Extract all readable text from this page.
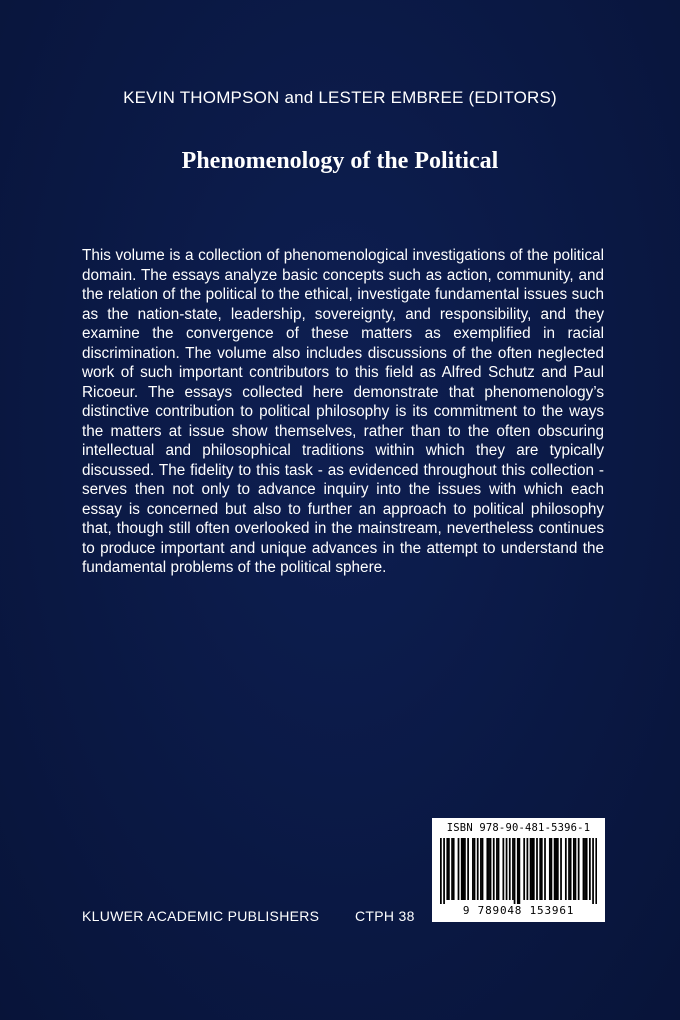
KEVIN THOMPSON and LESTER EMBREE (EDITORS)
Phenomenology of the Political
This volume is a collection of phenomenological investigations of the political domain. The essays analyze basic concepts such as action, community, and the relation of the political to the ethical, investigate fundamental issues such as the nation-state, leadership, sovereignty, and responsibility, and they examine the convergence of these matters as exemplified in racial discrimination. The volume also includes discussions of the often neglected work of such important contributors to this field as Alfred Schutz and Paul Ricoeur. The essays collected here demonstrate that phenomenology’s distinctive contribution to political philosophy is its commitment to the ways the matters at issue show themselves, rather than to the often obscuring intellectual and philosophical traditions within which they are typically discussed. The fidelity to this task - as evidenced throughout this collection - serves then not only to advance inquiry into the issues with which each essay is concerned but also to further an approach to political philosophy that, though still often overlooked in the mainstream, nevertheless continues to produce important and unique advances in the attempt to understand the fundamental problems of the political sphere.
KLUWER ACADEMIC PUBLISHERS	CTPH 38
ISBN 978-90-481-5396-1
9 789048 153961
